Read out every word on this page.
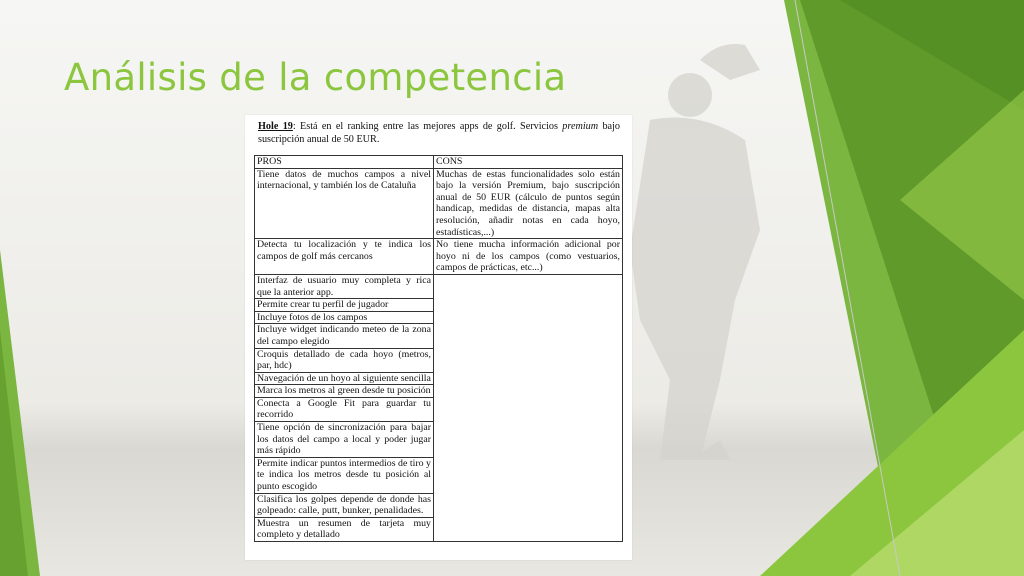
Análisis de la competencia
Hole 19: Está en el ranking entre las mejores apps de golf. Servicios premium bajo suscripción anual de 50 EUR.
PROS	CONS
Tiene datos de muchos campos a nivel internacional, y también los de Cataluña	Muchas de estas funcionalidades solo están bajo la versión Premium, bajo suscripción anual de 50 EUR (cálculo de puntos según handicap, medidas de distancia, mapas alta resolución, añadir notas en cada hoyo, estadísticas,...)
Detecta tu localización y te indica los campos de golf más cercanos	No tiene mucha información adicional por hoyo ni de los campos (como vestuarios, campos de prácticas, etc...)
Interfaz de usuario muy completa y rica que la anterior app.	
Permite crear tu perfil de jugador	
Incluye fotos de los campos	
Incluye widget indicando meteo de la zona del campo elegido	
Croquis detallado de cada hoyo (metros, par, hdc)	
Navegación de un hoyo al siguiente sencilla	
Marca los metros al green desde tu posición	
Conecta a Google Fit para guardar tu recorrido	
Tiene opción de sincronización para bajar los datos del campo a local y poder jugar más rápido	
Permite indicar puntos intermedios de tiro y te indica los metros desde tu posición al punto escogido	
Clasifica los golpes depende de donde has golpeado: calle, putt, bunker, penalidades.	
Muestra un resumen de tarjeta muy completo y detallado	
